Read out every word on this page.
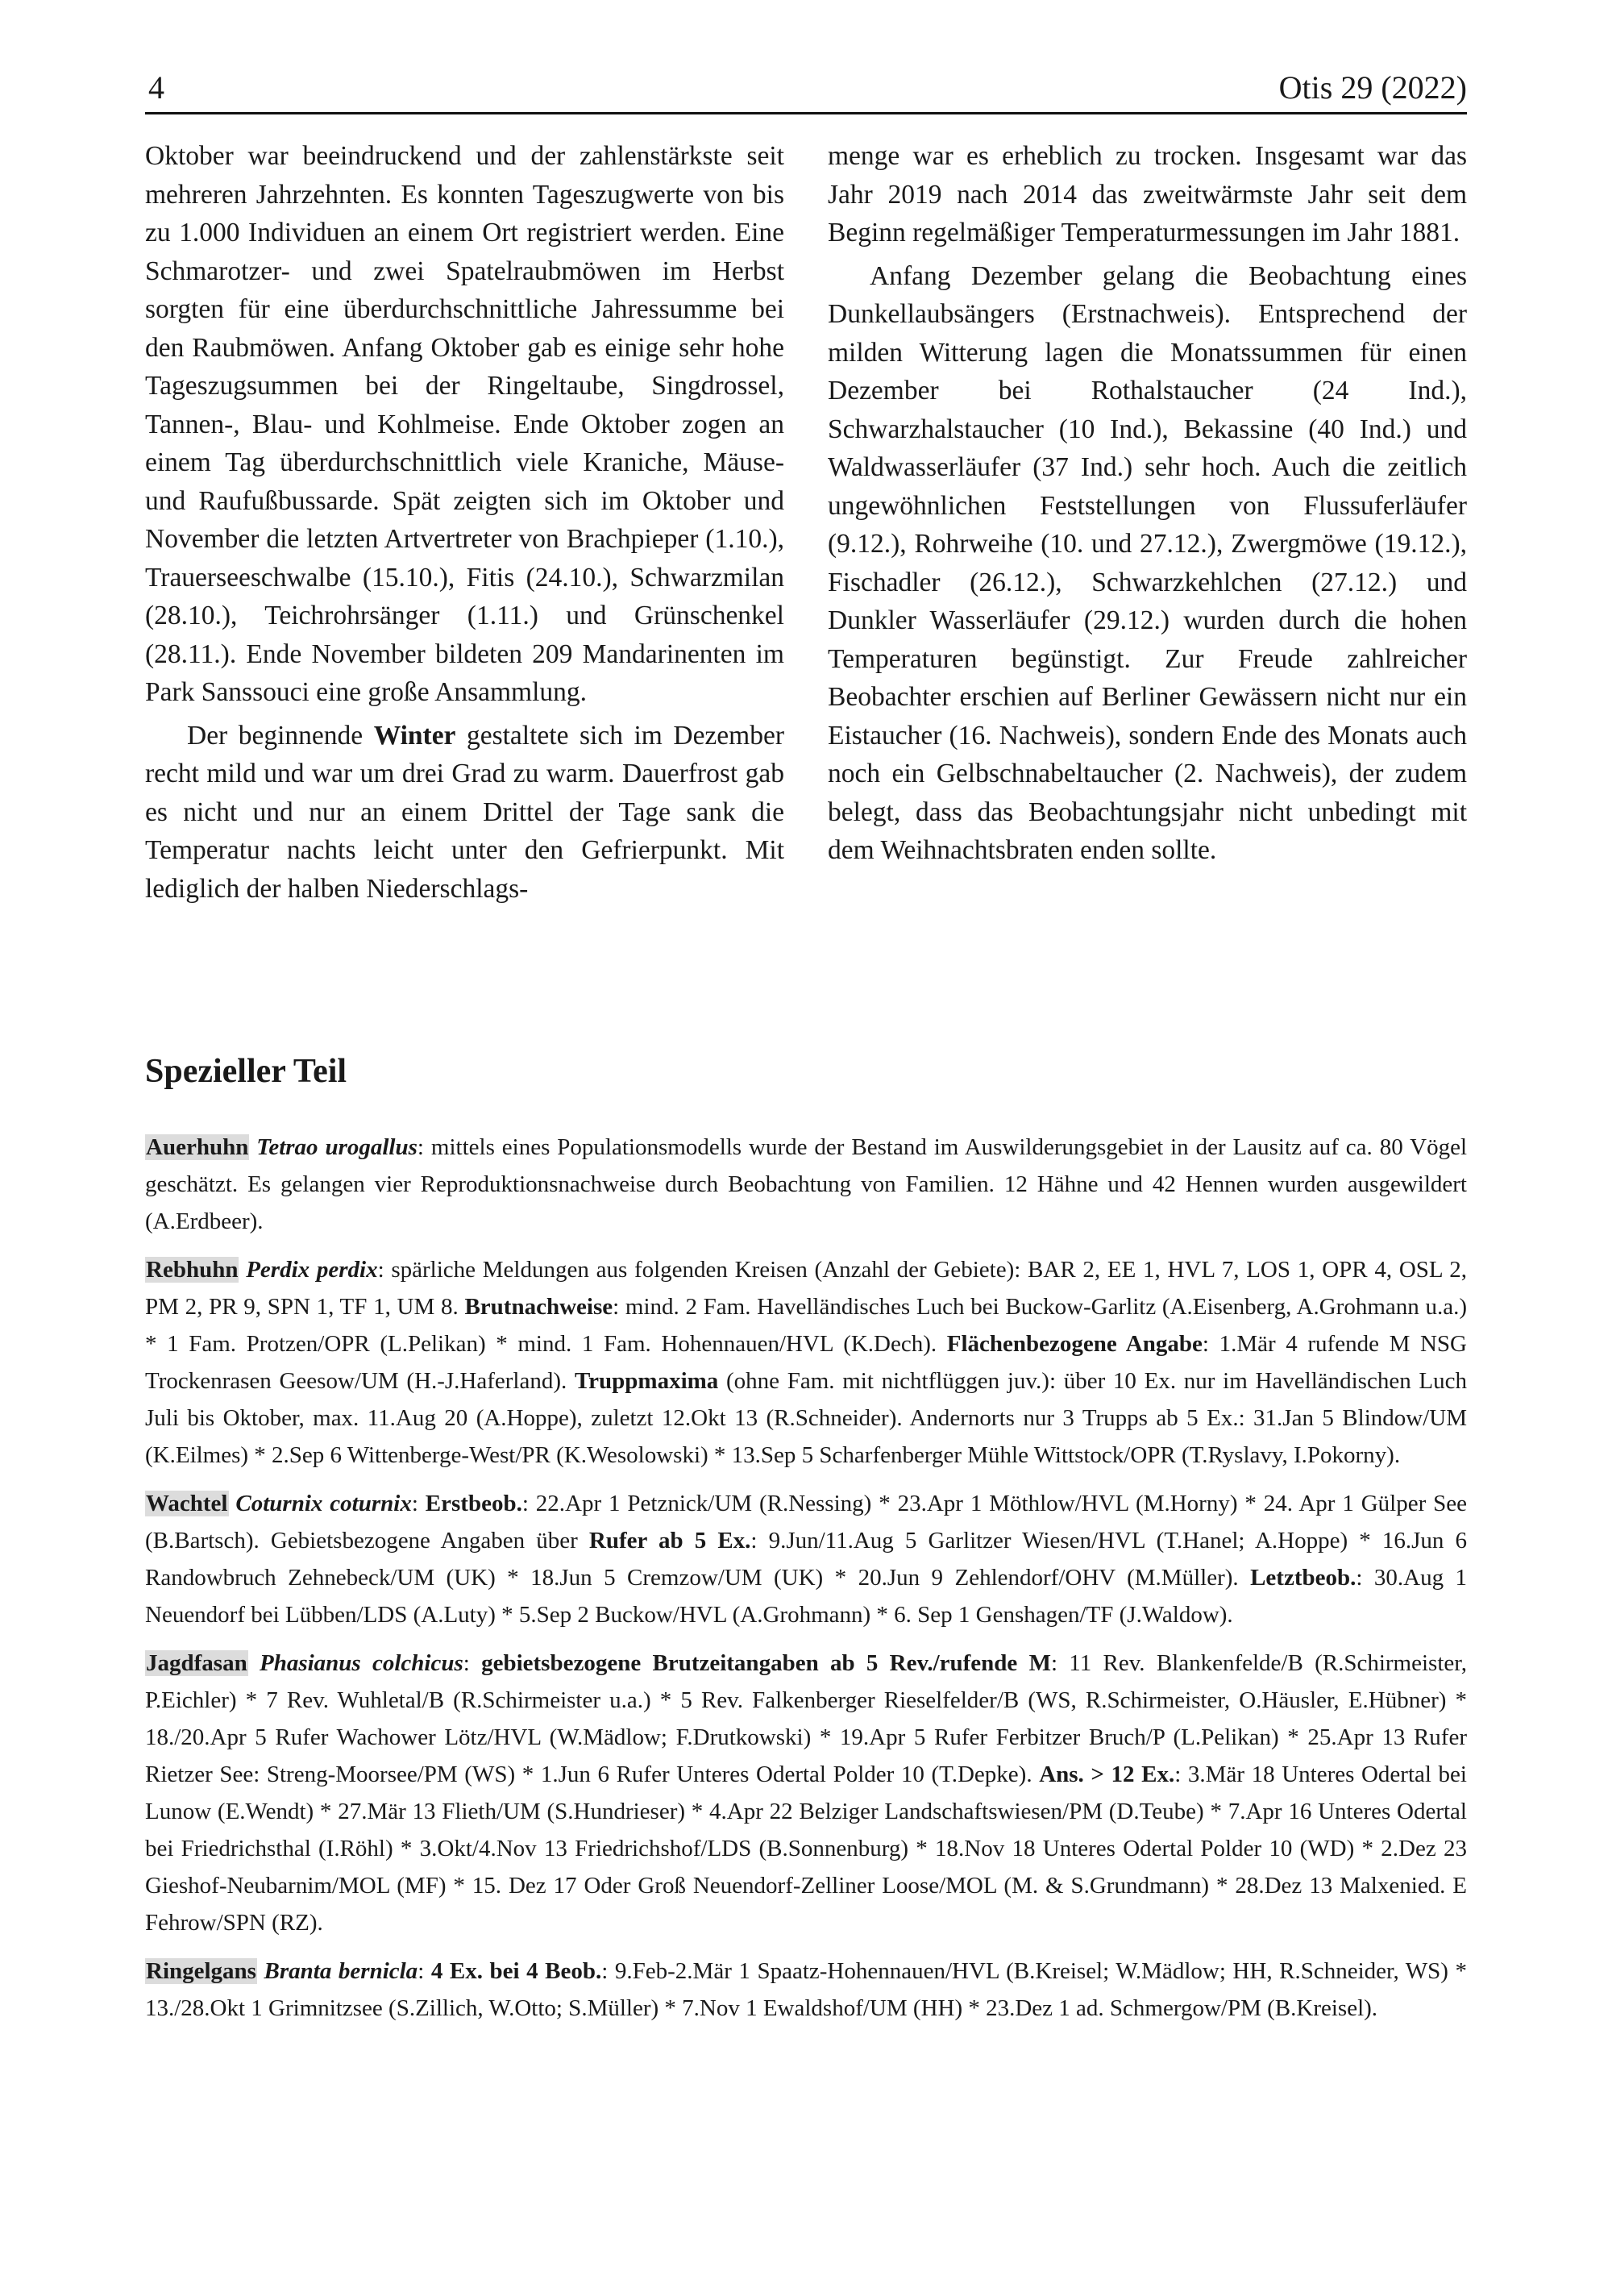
4	Otis 29 (2022)

Oktober war beeindruckend und der zahlenstärkste seit mehreren Jahrzehnten. Es konnten Tageszugwerte von bis zu 1.000 Individuen an einem Ort registriert werden. Eine Schmarotzer- und zwei Spatelraubmöwen im Herbst sorgten für eine überdurchschnittliche Jahressumme bei den Raubmöwen. Anfang Oktober gab es einige sehr hohe Tageszugsummen bei der Ringeltaube, Singdrossel, Tannen-, Blau- und Kohlmeise. Ende Oktober zogen an einem Tag überdurchschnittlich viele Kraniche, Mäuse- und Raufußbussarde. Spät zeigten sich im Oktober und November die letzten Artvertreter von Brachpieper (1.10.), Trauerseeschwalbe (15.10.), Fitis (24.10.), Schwarzmilan (28.10.), Teichrohrsänger (1.11.) und Grünschenkel (28.11.). Ende November bildeten 209 Mandarinenten im Park Sanssouci eine große Ansammlung.

Der beginnende Winter gestaltete sich im Dezember recht mild und war um drei Grad zu warm. Dauerfrost gab es nicht und nur an einem Drittel der Tage sank die Temperatur nachts leicht unter den Gefrierpunkt. Mit lediglich der halben Niederschlags-

menge war es erheblich zu trocken. Insgesamt war das Jahr 2019 nach 2014 das zweitwärmste Jahr seit dem Beginn regelmäßiger Temperaturmessungen im Jahr 1881.

Anfang Dezember gelang die Beobachtung eines Dunkellaubsängers (Erstnachweis). Entsprechend der milden Witterung lagen die Monatssummen für einen Dezember bei Rothalstaucher (24 Ind.), Schwarzhalstaucher (10 Ind.), Bekassine (40 Ind.) und Waldwasserläufer (37 Ind.) sehr hoch. Auch die zeitlich ungewöhnlichen Feststellungen von Flussuferläufer (9.12.), Rohrweihe (10. und 27.12.), Zwergmöwe (19.12.), Fischadler (26.12.), Schwarzkehlchen (27.12.) und Dunkler Wasserläufer (29.12.) wurden durch die hohen Temperaturen begünstigt. Zur Freude zahlreicher Beobachter erschien auf Berliner Gewässern nicht nur ein Eistaucher (16. Nachweis), sondern Ende des Monats auch noch ein Gelbschnabeltaucher (2. Nachweis), der zudem belegt, dass das Beobachtungsjahr nicht unbedingt mit dem Weihnachtsbraten enden sollte.

Spezieller Teil

Auerhuhn Tetrao urogallus: mittels eines Populationsmodells wurde der Bestand im Auswilderungsgebiet in der Lausitz auf ca. 80 Vögel geschätzt. Es gelangen vier Reproduktionsnachweise durch Beobachtung von Familien. 12 Hähne und 42 Hennen wurden ausgewildert (A.Erdbeer).

Rebhuhn Perdix perdix: spärliche Meldungen aus folgenden Kreisen (Anzahl der Gebiete): BAR 2, EE 1, HVL 7, LOS 1, OPR 4, OSL 2, PM 2, PR 9, SPN 1, TF 1, UM 8. Brutnachweise: mind. 2 Fam. Havelländisches Luch bei Buckow-Garlitz (A.Eisenberg, A.Grohmann u.a.) * 1 Fam. Protzen/OPR (L.Pelikan) * mind. 1 Fam. Hohennauen/HVL (K.Dech). Flächenbezogene Angabe: 1.Mär 4 rufende M NSG Trockenrasen Geesow/UM (H.-J.Haferland). Truppmaxima (ohne Fam. mit nichtflüggen juv.): über 10 Ex. nur im Havelländischen Luch Juli bis Oktober, max. 11.Aug 20 (A.Hoppe), zuletzt 12.Okt 13 (R.Schneider). Andernorts nur 3 Trupps ab 5 Ex.: 31.Jan 5 Blindow/UM (K.Eilmes) * 2.Sep 6 Wittenberge-West/PR (K.Wesolowski) * 13.Sep 5 Scharfenberger Mühle Wittstock/OPR (T.Ryslavy, I.Pokorny).

Wachtel Coturnix coturnix: Erstbeob.: 22.Apr 1 Petznick/UM (R.Nessing) * 23.Apr 1 Möthlow/HVL (M.Horny) * 24. Apr 1 Gülper See (B.Bartsch). Gebietsbezogene Angaben über Rufer ab 5 Ex.: 9.Jun/11.Aug 5 Garlitzer Wiesen/HVL (T.Hanel; A.Hoppe) * 16.Jun 6 Randowbruch Zehnebeck/UM (UK) * 18.Jun 5 Cremzow/UM (UK) * 20.Jun 9 Zehlendorf/OHV (M.Müller). Letztbeob.: 30.Aug 1 Neuendorf bei Lübben/LDS (A.Luty) * 5.Sep 2 Buckow/HVL (A.Grohmann) * 6. Sep 1 Genshagen/TF (J.Waldow).

Jagdfasan Phasianus colchicus: gebietsbezogene Brutzeitangaben ab 5 Rev./rufende M: 11 Rev. Blankenfelde/B (R.Schirmeister, P.Eichler) * 7 Rev. Wuhletal/B (R.Schirmeister u.a.) * 5 Rev. Falkenberger Rieselfelder/B (WS, R.Schirmeister, O.Häusler, E.Hübner) * 18./20.Apr 5 Rufer Wachower Lötz/HVL (W.Mädlow; F.Drutkowski) * 19.Apr 5 Rufer Ferbitzer Bruch/P (L.Pelikan) * 25.Apr 13 Rufer Rietzer See: Streng-Moorsee/PM (WS) * 1.Jun 6 Rufer Unteres Odertal Polder 10 (T.Depke). Ans. > 12 Ex.: 3.Mär 18 Unteres Odertal bei Lunow (E.Wendt) * 27.Mär 13 Flieth/UM (S.Hundrieser) * 4.Apr 22 Belziger Landschaftswiesen/PM (D.Teube) * 7.Apr 16 Unteres Odertal bei Friedrichsthal (I.Röhl) * 3.Okt/4.Nov 13 Friedrichshof/LDS (B.Sonnenburg) * 18.Nov 18 Unteres Odertal Polder 10 (WD) * 2.Dez 23 Gieshof-Neubarnim/MOL (MF) * 15. Dez 17 Oder Groß Neuendorf-Zelliner Loose/MOL (M. & S.Grundmann) * 28.Dez 13 Malxenied. E Fehrow/SPN (RZ).

Ringelgans Branta bernicla: 4 Ex. bei 4 Beob.: 9.Feb-2.Mär 1 Spaatz-Hohennauen/HVL (B.Kreisel; W.Mädlow; HH, R.Schneider, WS) * 13./28.Okt 1 Grimnitzsee (S.Zillich, W.Otto; S.Müller) * 7.Nov 1 Ewaldshof/UM (HH) * 23.Dez 1 ad. Schmergow/PM (B.Kreisel).
